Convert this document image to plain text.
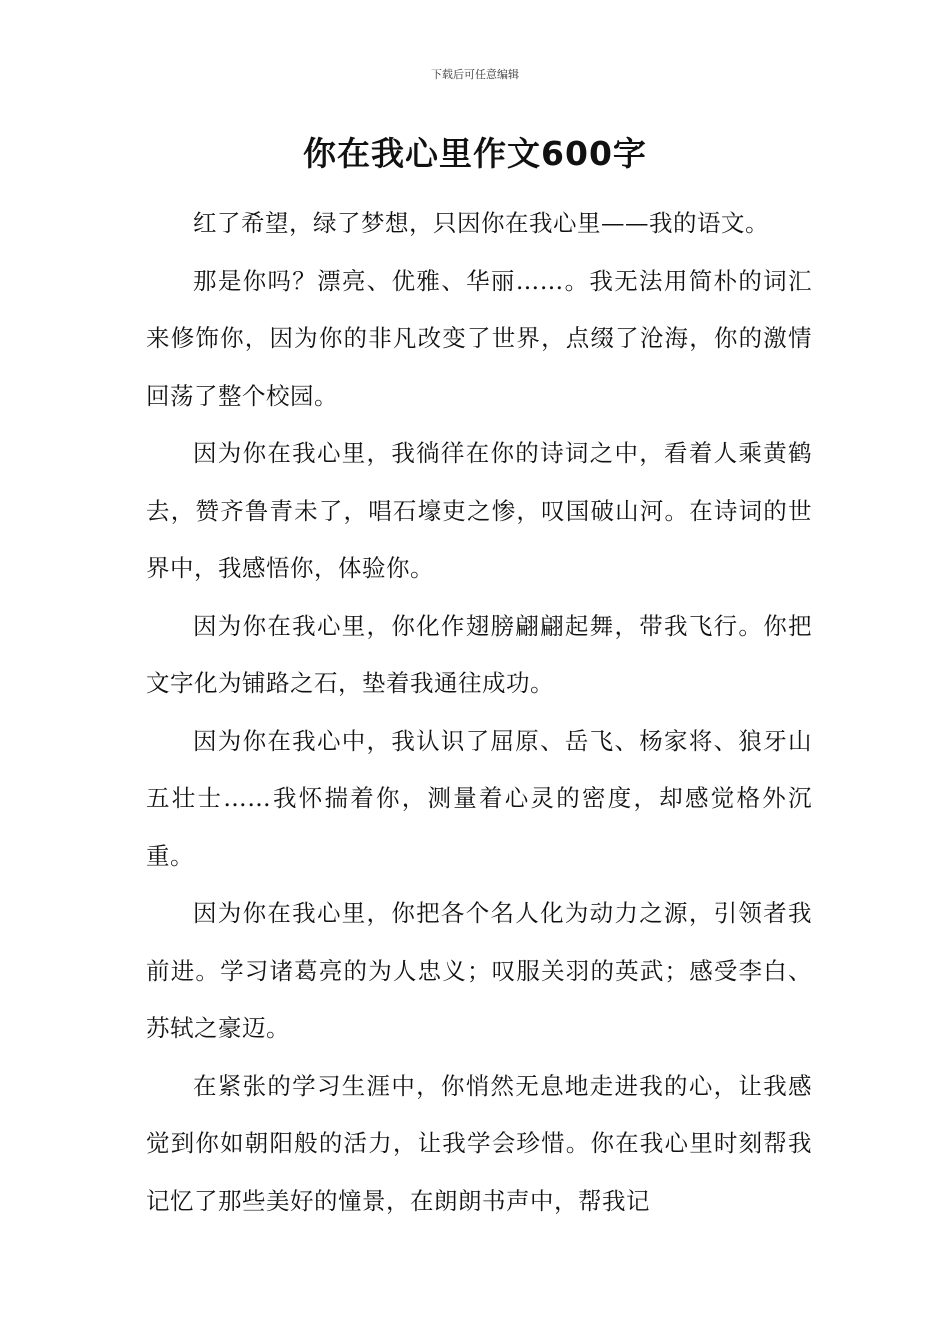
下载后可任意编辑
你在我心里作文600字

红了希望，绿了梦想，只因你在我心里——我的语文。

那是你吗？漂亮、优雅、华丽……。我无法用简朴的词汇来修饰你，因为你的非凡改变了世界，点缀了沧海，你的激情回荡了整个校园。

因为你在我心里，我徜徉在你的诗词之中，看着人乘黄鹤去，赞齐鲁青未了，唱石壕吏之惨，叹国破山河。在诗词的世界中，我感悟你，体验你。

因为你在我心里，你化作翅膀翩翩起舞，带我飞行。你把文字化为铺路之石，垫着我通往成功。

因为你在我心中，我认识了屈原、岳飞、杨家将、狼牙山五壮士……我怀揣着你，测量着心灵的密度，却感觉格外沉重。

因为你在我心里，你把各个名人化为动力之源，引领者我前进。学习诸葛亮的为人忠义；叹服关羽的英武；感受李白、苏轼之豪迈。

在紧张的学习生涯中，你悄然无息地走进我的心，让我感觉到你如朝阳般的活力，让我学会珍惜。你在我心里时刻帮我记忆了那些美好的憧景，在朗朗书声中，帮我记
